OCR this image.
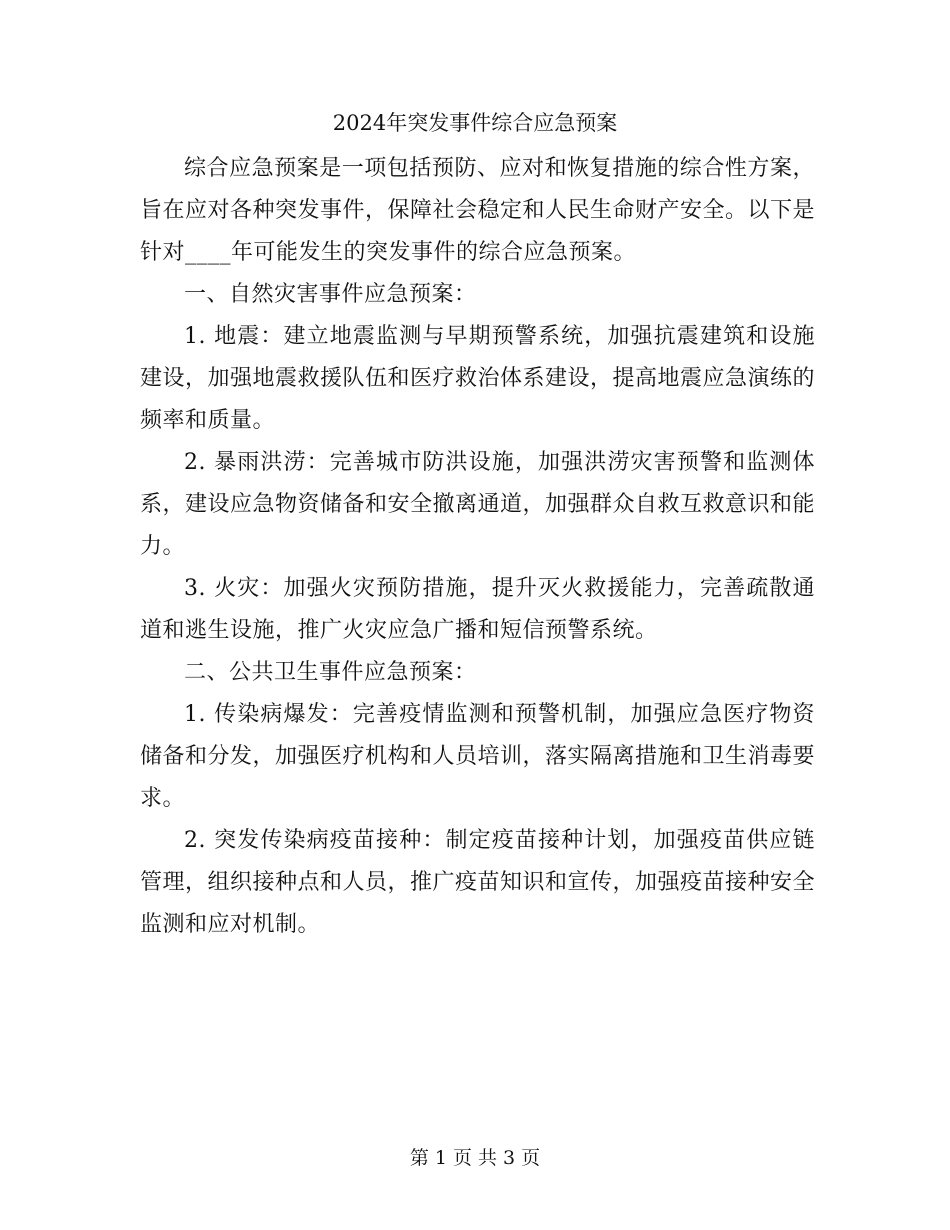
2024年突发事件综合应急预案

综合应急预案是一项包括预防、应对和恢复措施的综合性方案，旨在应对各种突发事件，保障社会稳定和人民生命财产安全。以下是针对____年可能发生的突发事件的综合应急预案。

一、自然灾害事件应急预案：

1. 地震：建立地震监测与早期预警系统，加强抗震建筑和设施建设，加强地震救援队伍和医疗救治体系建设，提高地震应急演练的频率和质量。

2. 暴雨洪涝：完善城市防洪设施，加强洪涝灾害预警和监测体系，建设应急物资储备和安全撤离通道，加强群众自救互救意识和能力。

3. 火灾：加强火灾预防措施，提升灭火救援能力，完善疏散通道和逃生设施，推广火灾应急广播和短信预警系统。

二、公共卫生事件应急预案：

1. 传染病爆发：完善疫情监测和预警机制，加强应急医疗物资储备和分发，加强医疗机构和人员培训，落实隔离措施和卫生消毒要求。

2. 突发传染病疫苗接种：制定疫苗接种计划，加强疫苗供应链管理，组织接种点和人员，推广疫苗知识和宣传，加强疫苗接种安全监测和应对机制。

第 1 页 共 3 页
